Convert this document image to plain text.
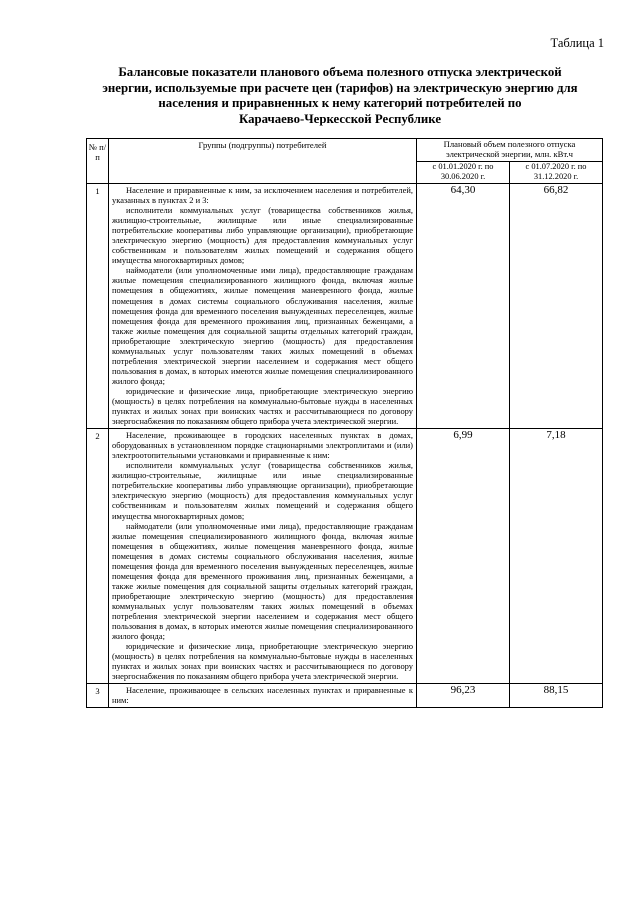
Таблица 1
Балансовые показатели планового объема полезного отпуска электрической
энергии, используемые при расчете цен (тарифов) на электрическую энергию для
населения и приравненных к нему категорий потребителей по
Карачаево-Черкесской Республике
№ п/п	Группы (подгруппы) потребителей	Плановый объем полезного отпуска электрической энергии, млн. кВт.ч	
		с 01.01.2020 г. по 30.06.2020 г.	с 01.07.2020 г. по 31.12.2020 г.
1	Население и приравненные к ним, за исключением населения и потребителей, указанных в пунктах 2 и 3:

исполнители коммунальных услуг (товарищества собственников жилья, жилищно-строительные, жилищные или иные специализированные потребительские кооперативы либо управляющие организации), приобретающие электрическую энергию (мощность) для предоставления коммунальных услуг собственникам и пользователям жилых помещений и содержания общего имущества многоквартирных домов;

наймодатели (или уполномоченные ими лица), предоставляющие гражданам жилые помещения специализированного жилищного фонда, включая жилые помещения в общежитиях, жилые помещения маневренного фонда, жилые помещения в домах системы социального обслуживания населения, жилые помещения фонда для временного поселения вынужденных переселенцев, жилые помещения фонда для временного проживания лиц, признанных беженцами, а также жилые помещения для социальной защиты отдельных категорий граждан, приобретающие электрическую энергию (мощность) для предоставления коммунальных услуг пользователям таких жилых помещений в объемах потребления электрической энергии населением и содержания мест общего пользования в домах, в которых имеются жилые помещения специализированного жилого фонда;

юридические и физические лица, приобретающие электрическую энергию (мощность) в целях потребления на коммунально-бытовые нужды в населенных пунктах и жилых зонах при воинских частях и рассчитывающиеся по договору энергоснабжения по показаниям общего прибора учета электрической энергии.	64,30	66,82
2	Население, проживающее в городских населенных пунктах в домах, оборудованных в установленном порядке стационарными электроплитами и (или) электроотопительными установками и приравненные к ним:

исполнители коммунальных услуг (товарищества собственников жилья, жилищно-строительные, жилищные или иные специализированные потребительские кооперативы либо управляющие организации), приобретающие электрическую энергию (мощность) для предоставления коммунальных услуг собственникам и пользователям жилых помещений и содержания общего имущества многоквартирных домов;

наймодатели (или уполномоченные ими лица), предоставляющие гражданам жилые помещения специализированного жилищного фонда, включая жилые помещения в общежитиях, жилые помещения маневренного фонда, жилые помещения в домах системы социального обслуживания населения, жилые помещения фонда для временного поселения вынужденных переселенцев, жилые помещения фонда для временного проживания лиц, признанных беженцами, а также жилые помещения для социальной защиты отдельных категорий граждан, приобретающие электрическую энергию (мощность) для предоставления коммунальных услуг пользователям таких жилых помещений в объемах потребления электрической энергии населением и содержания мест общего пользования в домах, в которых имеются жилые помещения специализированного жилого фонда;

юридические и физические лица, приобретающие электрическую энергию (мощность) в целях потребления на коммунально-бытовые нужды в населенных пунктах и жилых зонах при воинских частях и рассчитывающиеся по договору энергоснабжения по показаниям общего прибора учета электрической энергии.	6,99	7,18
3	Население, проживающее в сельских населенных пунктах и приравненные к ним:	96,23	88,15
